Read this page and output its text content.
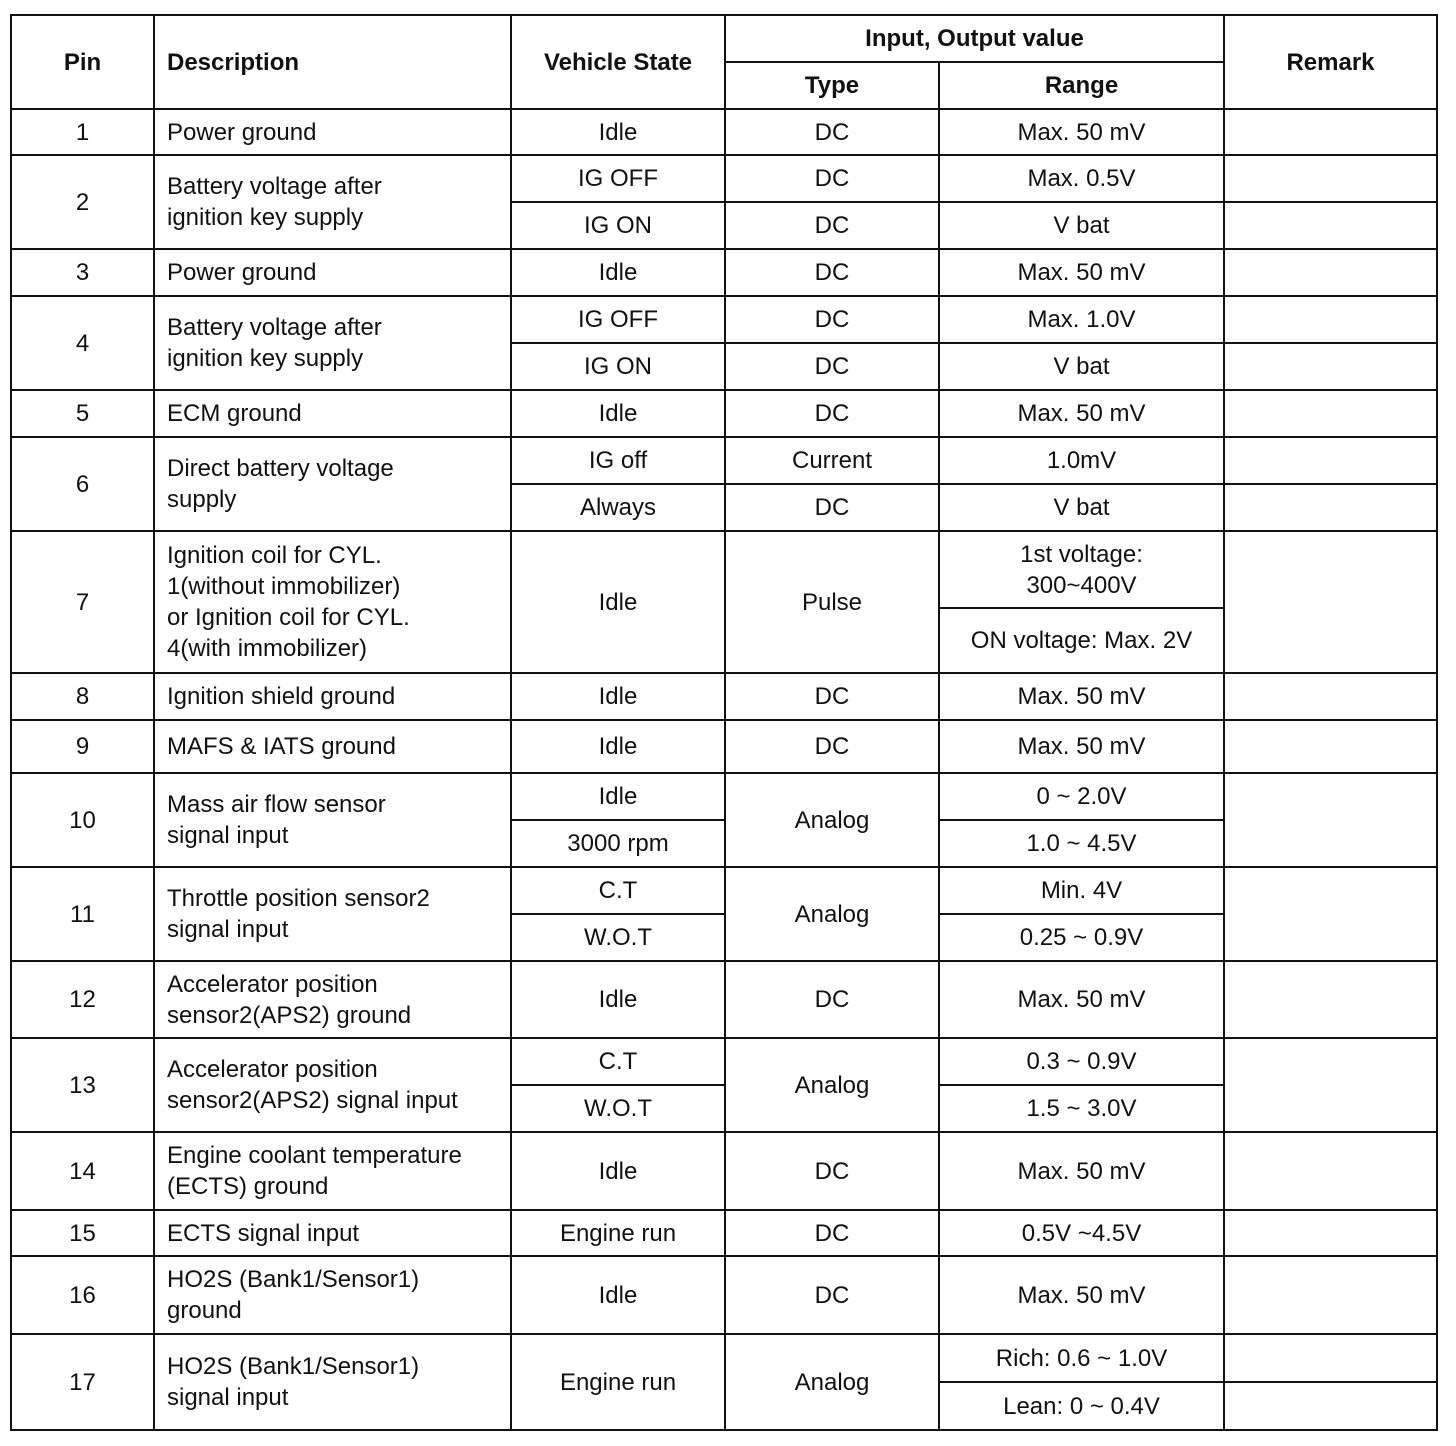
Pin	Description	Vehicle State	Input, Output value		Remark
			Type	Range	
1	Power ground	Idle	DC	Max. 50 mV	
2	Battery voltage after
ignition key supply	IG OFF	DC	Max. 0.5V	
		IG ON	DC	V bat	
3	Power ground	Idle	DC	Max. 50 mV	
4	Battery voltage after
ignition key supply	IG OFF	DC	Max. 1.0V	
		IG ON	DC	V bat	
5	ECM ground	Idle	DC	Max. 50 mV	
6	Direct battery voltage
supply	IG off	Current	1.0mV	
		Always	DC	V bat	
7	Ignition coil for CYL.
1(without immobilizer)
or Ignition coil for CYL.
4(with immobilizer)	Idle	Pulse	1st voltage:
300~400V	

				ON voltage: Max. 2V	
8	Ignition shield ground	Idle	DC	Max. 50 mV	
9	MAFS & IATS ground	Idle	DC	Max. 50 mV	
10	Mass air flow sensor
signal input	Idle	Analog	0 ~ 2.0V	
		3000 rpm		1.0 ~ 4.5V	
11	Throttle position sensor2
signal input	C.T	Analog	Min. 4V	
		W.O.T		0.25 ~ 0.9V	
12	Accelerator position
sensor2(APS2) ground	Idle	DC	Max. 50 mV	
13	Accelerator position
sensor2(APS2) signal input	C.T	Analog	0.3 ~ 0.9V	
		W.O.T		1.5 ~ 3.0V	
14	Engine coolant temperature
(ECTS) ground	Idle	DC	Max. 50 mV	
15	ECTS signal input	Engine run	DC	0.5V ~4.5V	
16	HO2S (Bank1/Sensor1)
ground	Idle	DC	Max. 50 mV	
17	HO2S (Bank1/Sensor1)
signal input	Engine run	Analog	Rich: 0.6 ~ 1.0V	
				Lean: 0 ~ 0.4V	
